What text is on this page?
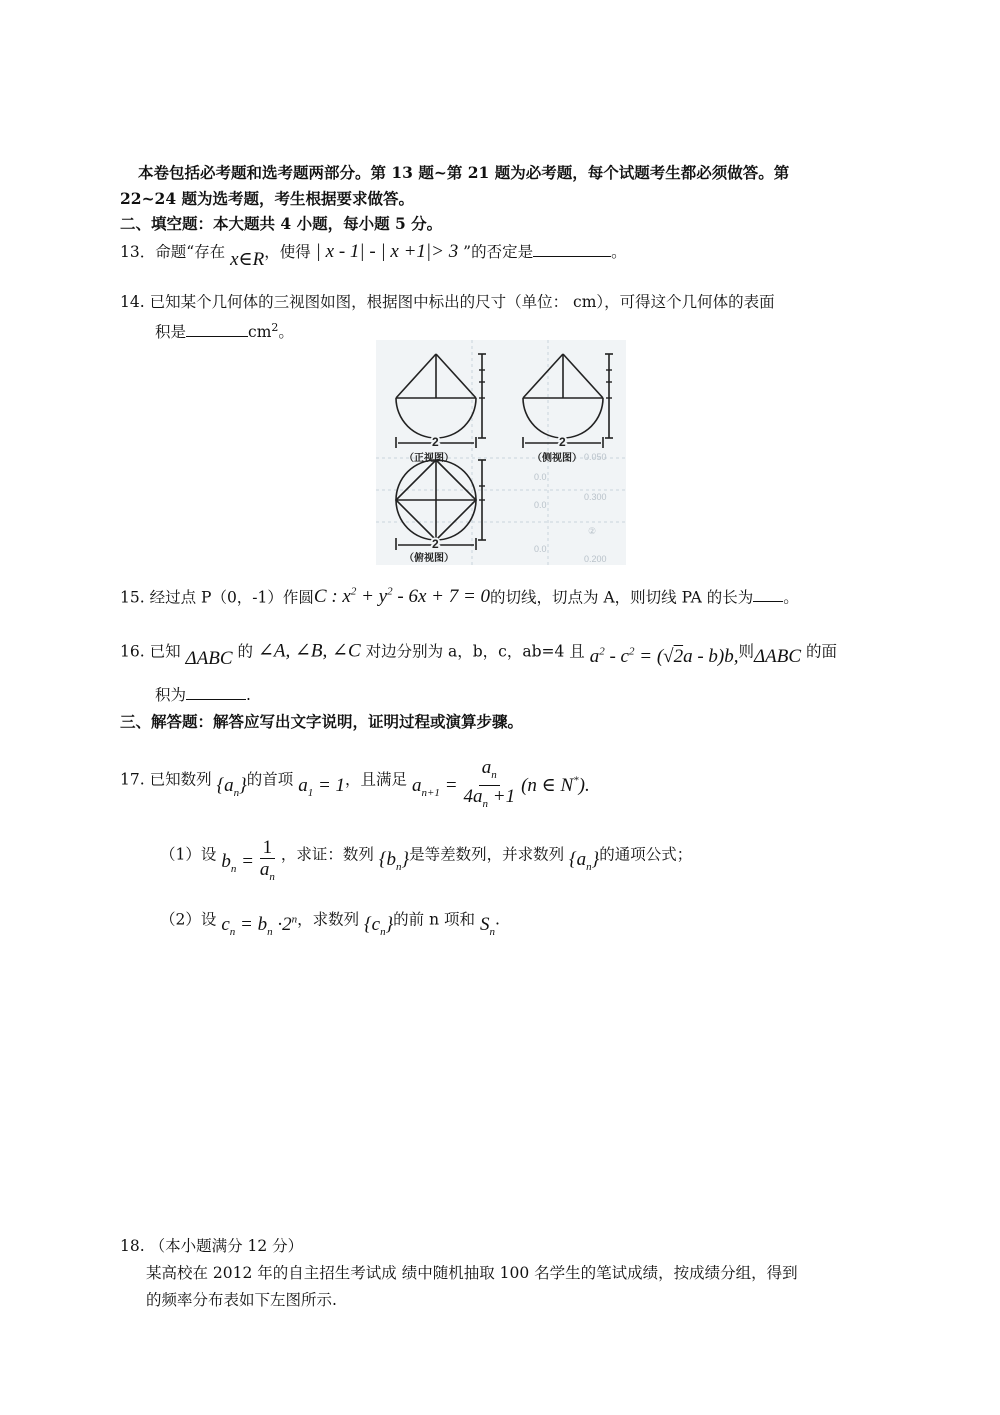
本卷包括必考题和选考题两部分。第 13 题~第 21 题为必考题，每个试题考生都必须做答。第
22~24 题为选考题，考生根据要求做答。
二、填空题：本大题共 4 小题，每小题 5 分。
13．命题“存在 x∈R，使得 | x - 1| - | x +1|> 3 ”的否定是	。
14. 已知某个几何体的三视图如图，根据图中标出的尺寸（单位： cm），可得这个几何体的表面
积是	$cm^2$。
0.050
0.0
0.0
0.300
0.0
0.200
②
2
（正视图）
2
（侧视图）
2
（俯视图）
15. 经过点 P（0，-1）作圆C : $x^2 + y^2 - 6x + 7 = 0$的切线，切点为 A，则切线 PA 的长为 。
16. 已知 ΔABC 的 ∠A, ∠B, ∠C 对边分别为 a，b，c，ab=4 且 $a^2 - c^2 = (√2a - b)b$,则ΔABC 的面
积为	.
三、解答题：解答应写出文字说明，证明过程或演算步骤。
17. 已知数列 $\{a_n\}$的首项 $a_1 = 1$，且满足 $a_{n+1} = \frac{a_n}{4a_n +1} (n$ ∈ N*).
（1）设 $b_n = \frac{1}{a_n}$ ，求证：数列 $\{b_n\}$是等差数列，并求数列 $\{a_n\}$的通项公式；
（2）设 $c_n = b_n \cdot 2^n$，求数列 $\{c_n\}$的前 n 项和 $S_n$.
18. （本小题满分 12 分）
某高校在 2012 年的自主招生考试成 绩中随机抽取 100 名学生的笔试成绩，按成绩分组，得到
的频率分布表如下左图所示.
